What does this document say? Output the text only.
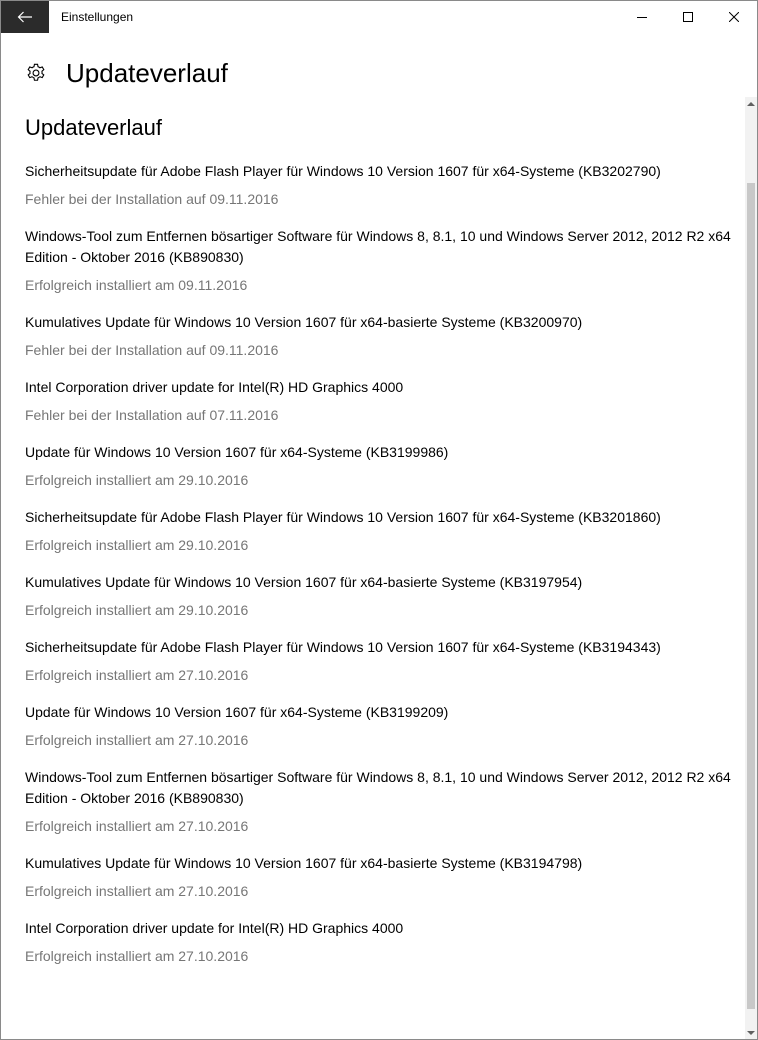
Einstellungen
Updateverlauf
Updateverlauf
Sicherheitsupdate für Adobe Flash Player für Windows 10 Version 1607 für x64-Systeme (KB3202790)
Fehler bei der Installation auf 09.11.2016
Windows-Tool zum Entfernen bösartiger Software für Windows 8, 8.1, 10 und Windows Server 2012, 2012 R2 x64 Edition - Oktober 2016 (KB890830)
Erfolgreich installiert am 09.11.2016
Kumulatives Update für Windows 10 Version 1607 für x64-basierte Systeme (KB3200970)
Fehler bei der Installation auf 09.11.2016
Intel Corporation driver update for Intel(R) HD Graphics 4000
Fehler bei der Installation auf 07.11.2016
Update für Windows 10 Version 1607 für x64-Systeme (KB3199986)
Erfolgreich installiert am 29.10.2016
Sicherheitsupdate für Adobe Flash Player für Windows 10 Version 1607 für x64-Systeme (KB3201860)
Erfolgreich installiert am 29.10.2016
Kumulatives Update für Windows 10 Version 1607 für x64-basierte Systeme (KB3197954)
Erfolgreich installiert am 29.10.2016
Sicherheitsupdate für Adobe Flash Player für Windows 10 Version 1607 für x64-Systeme (KB3194343)
Erfolgreich installiert am 27.10.2016
Update für Windows 10 Version 1607 für x64-Systeme (KB3199209)
Erfolgreich installiert am 27.10.2016
Windows-Tool zum Entfernen bösartiger Software für Windows 8, 8.1, 10 und Windows Server 2012, 2012 R2 x64 Edition - Oktober 2016 (KB890830)
Erfolgreich installiert am 27.10.2016
Kumulatives Update für Windows 10 Version 1607 für x64-basierte Systeme (KB3194798)
Erfolgreich installiert am 27.10.2016
Intel Corporation driver update for Intel(R) HD Graphics 4000
Erfolgreich installiert am 27.10.2016
